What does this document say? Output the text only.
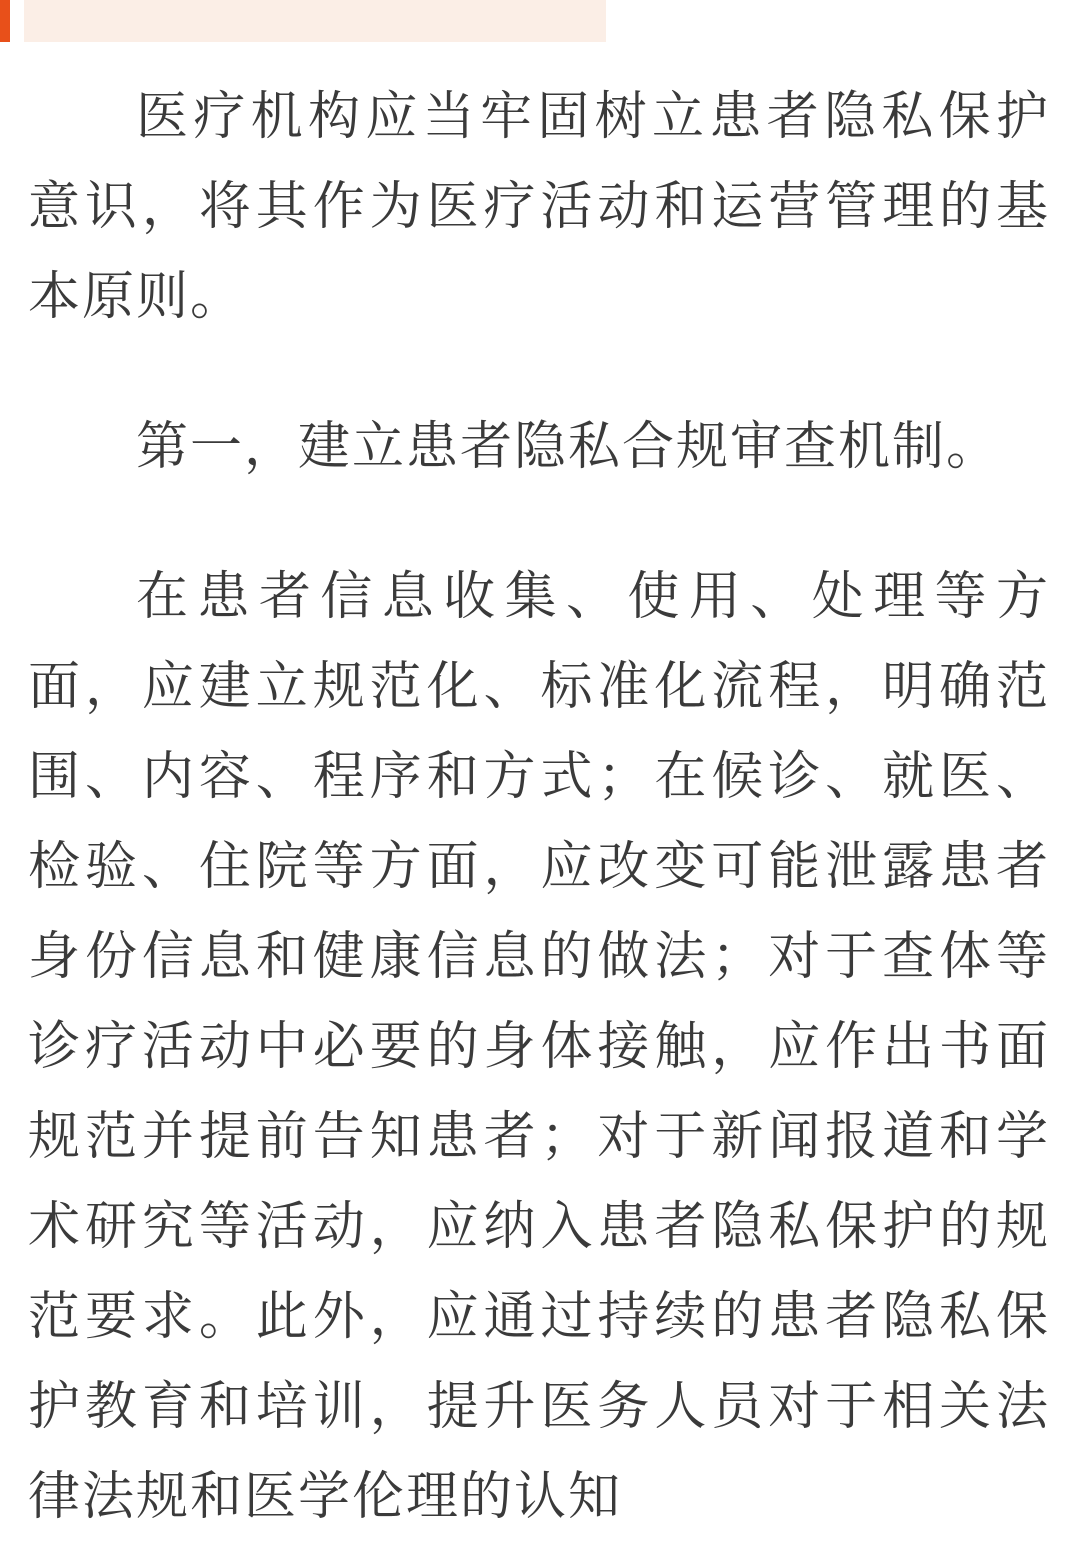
医疗机构应当牢固树立患者隐私保护意识，将其作为医疗活动和运营管理的基本原则。

第一，建立患者隐私合规审查机制。

在患者信息收集、使用、处理等方面，应建立规范化、标准化流程，明确范围、内容、程序和方式；在候诊、就医、检验、住院等方面，应改变可能泄露患者身份信息和健康信息的做法；对于查体等诊疗活动中必要的身体接触，应作出书面规范并提前告知患者；对于新闻报道和学术研究等活动，应纳入患者隐私保护的规范要求。此外，应通过持续的患者隐私保护教育和培训，提升医务人员对于相关法律法规和医学伦理的认知
